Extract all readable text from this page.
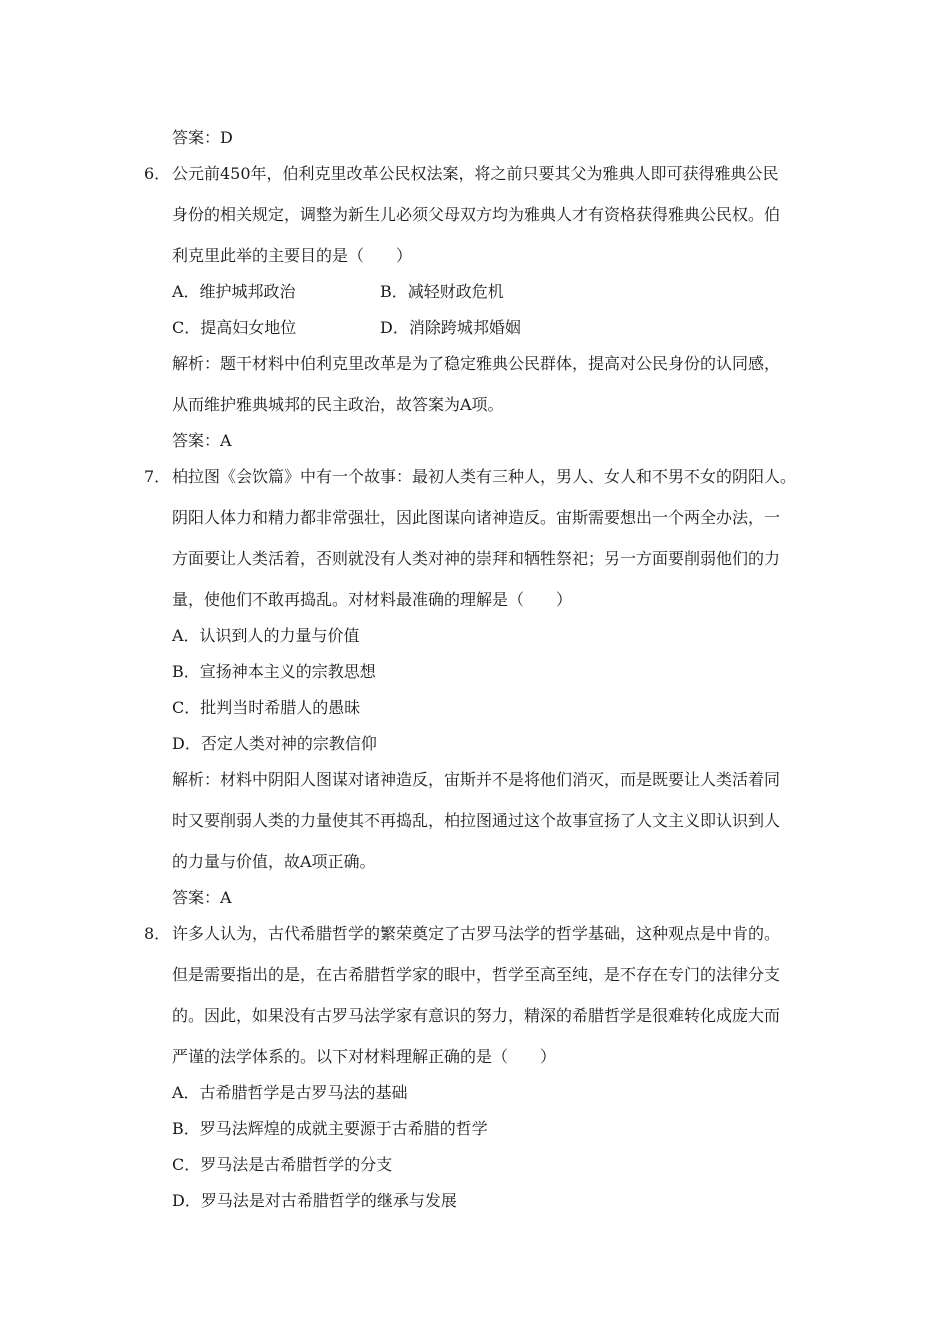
答案：D
6． 公元前450年，伯利克里改革公民权法案，将之前只要其父为雅典人即可获得雅典公民
身份的相关规定，调整为新生儿必须父母双方均为雅典人才有资格获得雅典公民权。伯
利克里此举的主要目的是（　　）
A．维护城邦政治	B．减轻财政危机
C．提高妇女地位	D．消除跨城邦婚姻
解析：题干材料中伯利克里改革是为了稳定雅典公民群体，提高对公民身份的认同感，
从而维护雅典城邦的民主政治，故答案为A项。
答案：A
7． 柏拉图《会饮篇》中有一个故事：最初人类有三种人，男人、女人和不男不女的阴阳人。
阴阳人体力和精力都非常强壮，因此图谋向诸神造反。宙斯需要想出一个两全办法，一
方面要让人类活着，否则就没有人类对神的崇拜和牺牲祭祀；另一方面要削弱他们的力
量，使他们不敢再捣乱。对材料最准确的理解是（　　）
A．认识到人的力量与价值
B．宣扬神本主义的宗教思想
C．批判当时希腊人的愚昧
D．否定人类对神的宗教信仰
解析：材料中阴阳人图谋对诸神造反，宙斯并不是将他们消灭，而是既要让人类活着同
时又要削弱人类的力量使其不再捣乱，柏拉图通过这个故事宣扬了人文主义即认识到人
的力量与价值，故A项正确。
答案：A
8． 许多人认为，古代希腊哲学的繁荣奠定了古罗马法学的哲学基础，这种观点是中肯的。
但是需要指出的是，在古希腊哲学家的眼中，哲学至高至纯，是不存在专门的法律分支
的。因此，如果没有古罗马法学家有意识的努力，精深的希腊哲学是很难转化成庞大而
严谨的法学体系的。以下对材料理解正确的是（　　）
A．古希腊哲学是古罗马法的基础
B．罗马法辉煌的成就主要源于古希腊的哲学
C．罗马法是古希腊哲学的分支
D．罗马法是对古希腊哲学的继承与发展
